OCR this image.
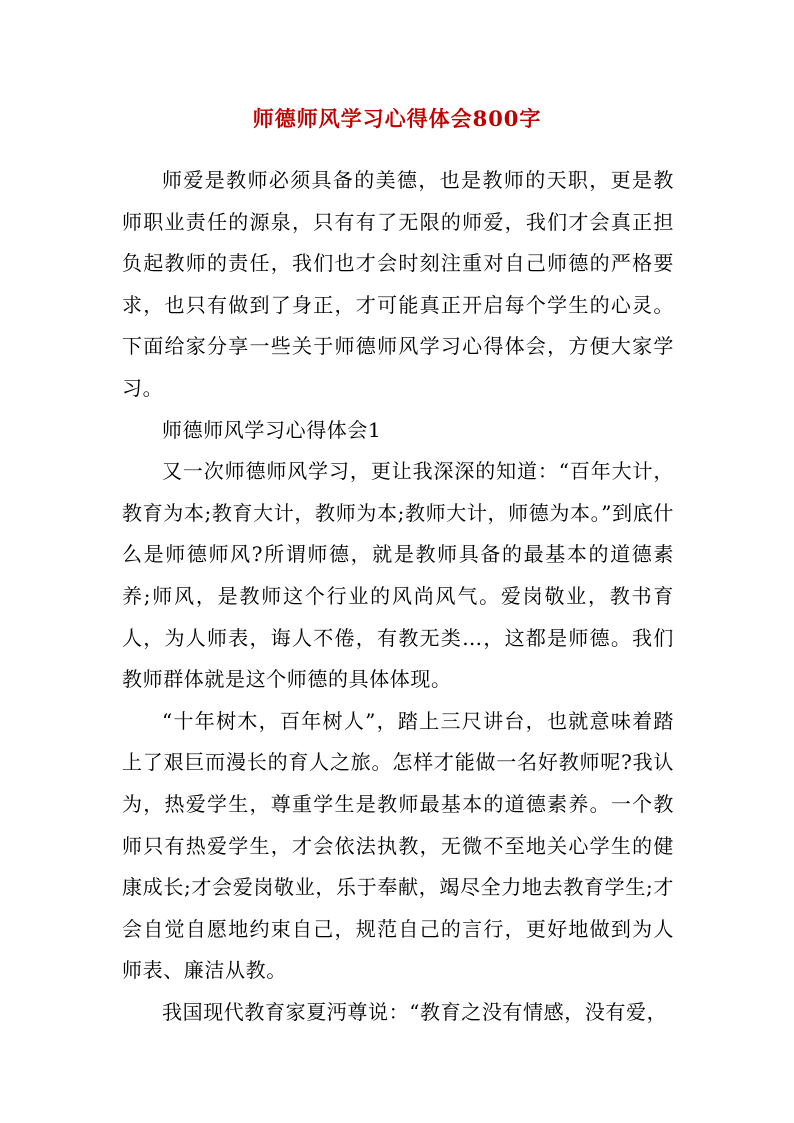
师德师风学习心得体会800字

师爱是教师必须具备的美德，也是教师的天职，更是教师职业责任的源泉，只有有了无限的师爱，我们才会真正担负起教师的责任，我们也才会时刻注重对自己师德的严格要求，也只有做到了身正，才可能真正开启每个学生的心灵。下面给家分享一些关于师德师风学习心得体会，方便大家学习。

师德师风学习心得体会1

又一次师德师风学习，更让我深深的知道：“百年大计，教育为本;教育大计，教师为本;教师大计，师德为本。”到底什么是师德师风?所谓师德，就是教师具备的最基本的道德素养;师风，是教师这个行业的风尚风气。爱岗敬业，教书育人，为人师表，诲人不倦，有教无类…，这都是师德。我们教师群体就是这个师德的具体体现。

“十年树木，百年树人”，踏上三尺讲台，也就意味着踏上了艰巨而漫长的育人之旅。怎样才能做一名好教师呢?我认为，热爱学生，尊重学生是教师最基本的道德素养。一个教师只有热爱学生，才会依法执教，无微不至地关心学生的健康成长;才会爱岗敬业，乐于奉献，竭尽全力地去教育学生;才会自觉自愿地约束自己，规范自己的言行，更好地做到为人师表、廉洁从教。

我国现代教育家夏沔尊说：“教育之没有情感，没有爱，
